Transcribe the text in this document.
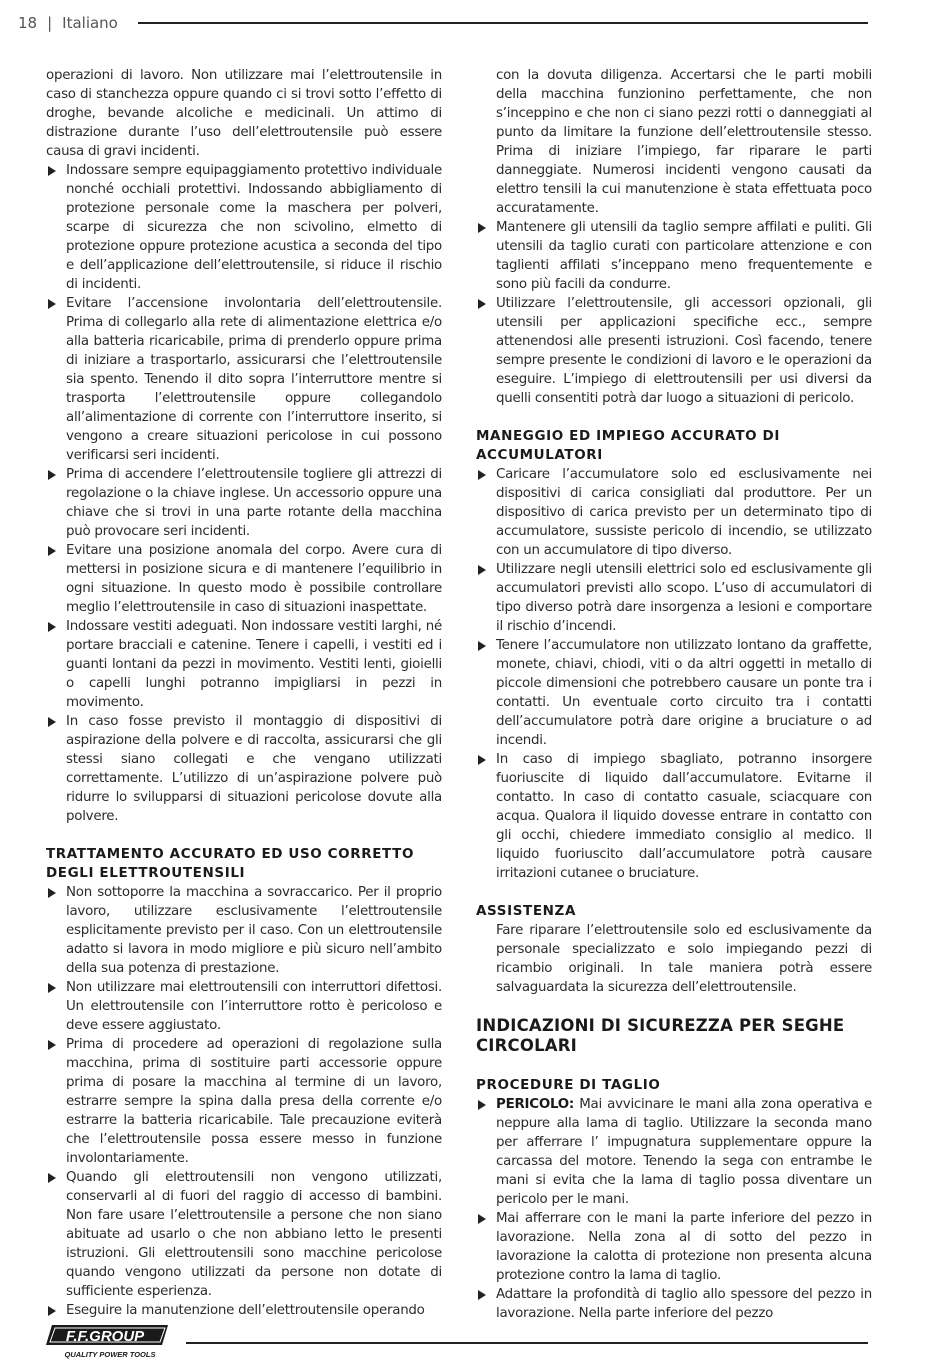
18 | Italiano
operazioni di lavoro. Non utilizzare mai l’elettroutensile in caso di stanchezza oppure quando ci si trovi sotto l’effetto di droghe, bevande alcoliche e medicinali. Un attimo di distrazione durante l’uso dell’elettroutensile può essere causa di gravi incidenti.
Indossare sempre equipaggiamento protettivo individuale nonché occhiali protettivi. Indossando abbigliamento di protezione personale come la maschera per polveri, scarpe di sicurezza che non scivolino, elmetto di protezione oppure protezione acustica a seconda del tipo e dell’applicazione dell’elettroutensile, si riduce il rischio di incidenti.
Evitare l’accensione involontaria dell’elettroutensile. Prima di collegarlo alla rete di alimentazione elettrica e/o alla batteria ricaricabile, prima di prenderlo oppure prima di iniziare a trasportarlo, assicurarsi che l’elettroutensile sia spento. Tenendo il dito sopra l’interruttore mentre si trasporta l’elettroutensile oppure collegandolo all’alimentazione di corrente con l’interruttore inserito, si vengono a creare situazioni pericolose in cui possono verificarsi seri incidenti.
Prima di accendere l’elettroutensile togliere gli attrezzi di regolazione o la chiave inglese. Un accessorio oppure una chiave che si trovi in una parte rotante della macchina può provocare seri incidenti.
Evitare una posizione anomala del corpo. Avere cura di mettersi in posizione sicura e di mantenere l’equilibrio in ogni situazione. In questo modo è possibile controllare meglio l’elettroutensile in caso di situazioni inaspettate.
Indossare vestiti adeguati. Non indossare vestiti larghi, né portare bracciali e catenine. Tenere i capelli, i vestiti ed i guanti lontani da pezzi in movimento. Vestiti lenti, gioielli o capelli lunghi potranno impigliarsi in pezzi in movimento.
In caso fosse previsto il montaggio di dispositivi di aspirazione della polvere e di raccolta, assicurarsi che gli stessi siano collegati e che vengano utilizzati correttamente. L’utilizzo di un’aspirazione polvere può ridurre lo svilupparsi di situazioni pericolose dovute alla polvere.
TRATTAMENTO ACCURATO ED USO CORRETTO DEGLI ELETTROUTENSILI
Non sottoporre la macchina a sovraccarico. Per il proprio lavoro, utilizzare esclusivamente l’elettroutensile esplicitamente previsto per il caso. Con un elettroutensile adatto si lavora in modo migliore e più sicuro nell’ambito della sua potenza di prestazione.
Non utilizzare mai elettroutensili con interruttori difettosi. Un elettroutensile con l’interruttore rotto è pericoloso e deve essere aggiustato.
Prima di procedere ad operazioni di regolazione sulla macchina, prima di sostituire parti accessorie oppure prima di posare la macchina al termine di un lavoro, estrarre sempre la spina dalla presa della corrente e/o estrarre la batteria ricaricabile. Tale precauzione eviterà che l’elettroutensile possa essere messo in funzione involontariamente.
Quando gli elettroutensili non vengono utilizzati, conservarli al di fuori del raggio di accesso di bambini. Non fare usare l’elettroutensile a persone che non siano abituate ad usarlo o che non abbiano letto le presenti istruzioni. Gli elettroutensili sono macchine pericolose quando vengono utilizzati da persone non dotate di sufficiente esperienza.
Eseguire la manutenzione dell’elettroutensile operando
con la dovuta diligenza. Accertarsi che le parti mobili della macchina funzionino perfettamente, che non s’inceppino e che non ci siano pezzi rotti o danneggiati al punto da limitare la funzione dell’elettroutensile stesso. Prima di iniziare l’impiego, far riparare le parti danneggiate. Numerosi incidenti vengono causati da elettro tensili la cui manutenzione è stata effettuata poco accuratamente.
Mantenere gli utensili da taglio sempre affilati e puliti. Gli utensili da taglio curati con particolare attenzione e con taglienti affilati s’inceppano meno frequentemente e sono più facili da condurre.
Utilizzare l’elettroutensile, gli accessori opzionali, gli utensili per applicazioni specifiche ecc., sempre attenendosi alle presenti istruzioni. Così facendo, tenere sempre presente le condizioni di lavoro e le operazioni da eseguire. L’impiego di elettroutensili per usi diversi da quelli consentiti potrà dar luogo a situazioni di pericolo.
MANEGGIO ED IMPIEGO ACCURATO DI ACCUMULATORI
Caricare l’accumulatore solo ed esclusivamente nei dispositivi di carica consigliati dal produttore. Per un dispositivo di carica previsto per un determinato tipo di accumulatore, sussiste pericolo di incendio, se utilizzato con un accumulatore di tipo diverso.
Utilizzare negli utensili elettrici solo ed esclusivamente gli accumulatori previsti allo scopo. L’uso di accumulatori di tipo diverso potrà dare insorgenza a lesioni e comportare il rischio d’incendi.
Tenere l’accumulatore non utilizzato lontano da graffette, monete, chiavi, chiodi, viti o da altri oggetti in metallo di piccole dimensioni che potrebbero causare un ponte tra i contatti. Un eventuale corto circuito tra i contatti dell’accumulatore potrà dare origine a bruciature o ad incendi.
In caso di impiego sbagliato, potranno insorgere fuoriuscite di liquido dall’accumulatore. Evitarne il contatto. In caso di contatto casuale, sciacquare con acqua. Qualora il liquido dovesse entrare in contatto con gli occhi, chiedere immediato consiglio al medico. Il liquido fuoriuscito dall’accumulatore potrà causare irritazioni cutanee o bruciature.
ASSISTENZA
Fare riparare l’elettroutensile solo ed esclusivamente da personale specializzato e solo impiegando pezzi di ricambio originali. In tale maniera potrà essere salvaguardata la sicurezza dell’elettroutensile.
INDICAZIONI DI SICUREZZA PER SEGHE CIRCOLARI
PROCEDURE DI TAGLIO
PERICOLO: Mai avvicinare le mani alla zona operativa e neppure alla lama di taglio. Utilizzare la seconda mano per afferrare l’ impugnatura supplementare oppure la carcassa del motore. Tenendo la sega con entrambe le mani si evita che la lama di taglio possa diventare un pericolo per le mani.
Mai afferrare con le mani la parte inferiore del pezzo in lavorazione. Nella zona al di sotto del pezzo in lavorazione la calotta di protezione non presenta alcuna protezione contro la lama di taglio.
Adattare la profondità di taglio allo spessore del pezzo in lavorazione. Nella parte inferiore del pezzo
F.F.GROUP
QUALITY POWER TOOLS
